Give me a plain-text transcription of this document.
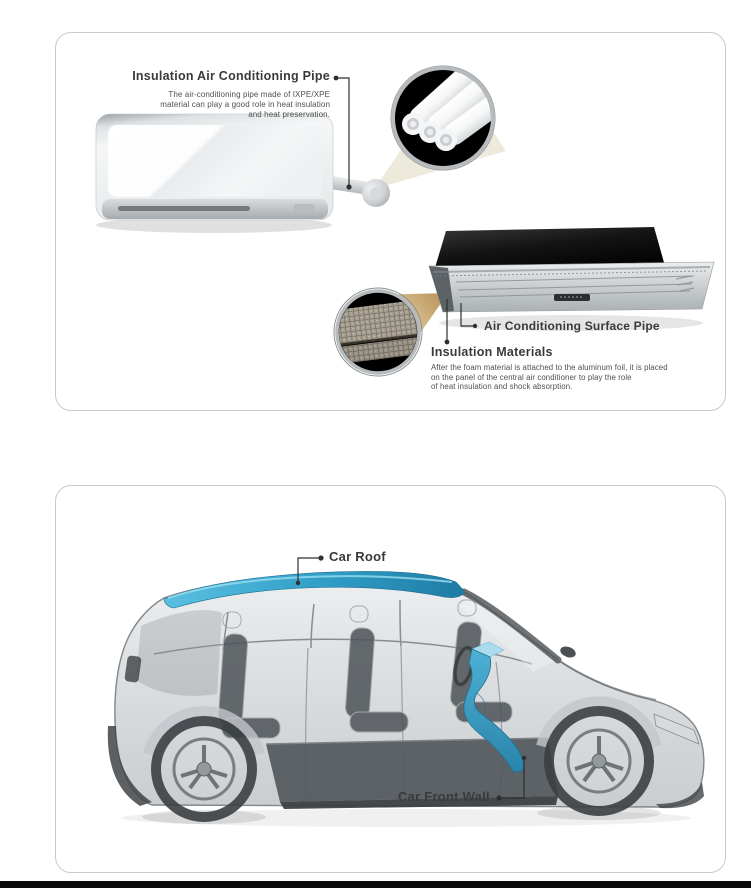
Insulation Air Conditioning Pipe
The air-conditioning pipe made of IXPE/XPE
material can play a good role in heat insulation
and heat preservation.
Air Conditioning Surface Pipe
Insulation Materials
After the foam material is attached to the aluminum foil, it is placed
on the panel of the central air conditioner to play the role
of heat insulation and shock absorption.
Car Roof
Car Front Wall
